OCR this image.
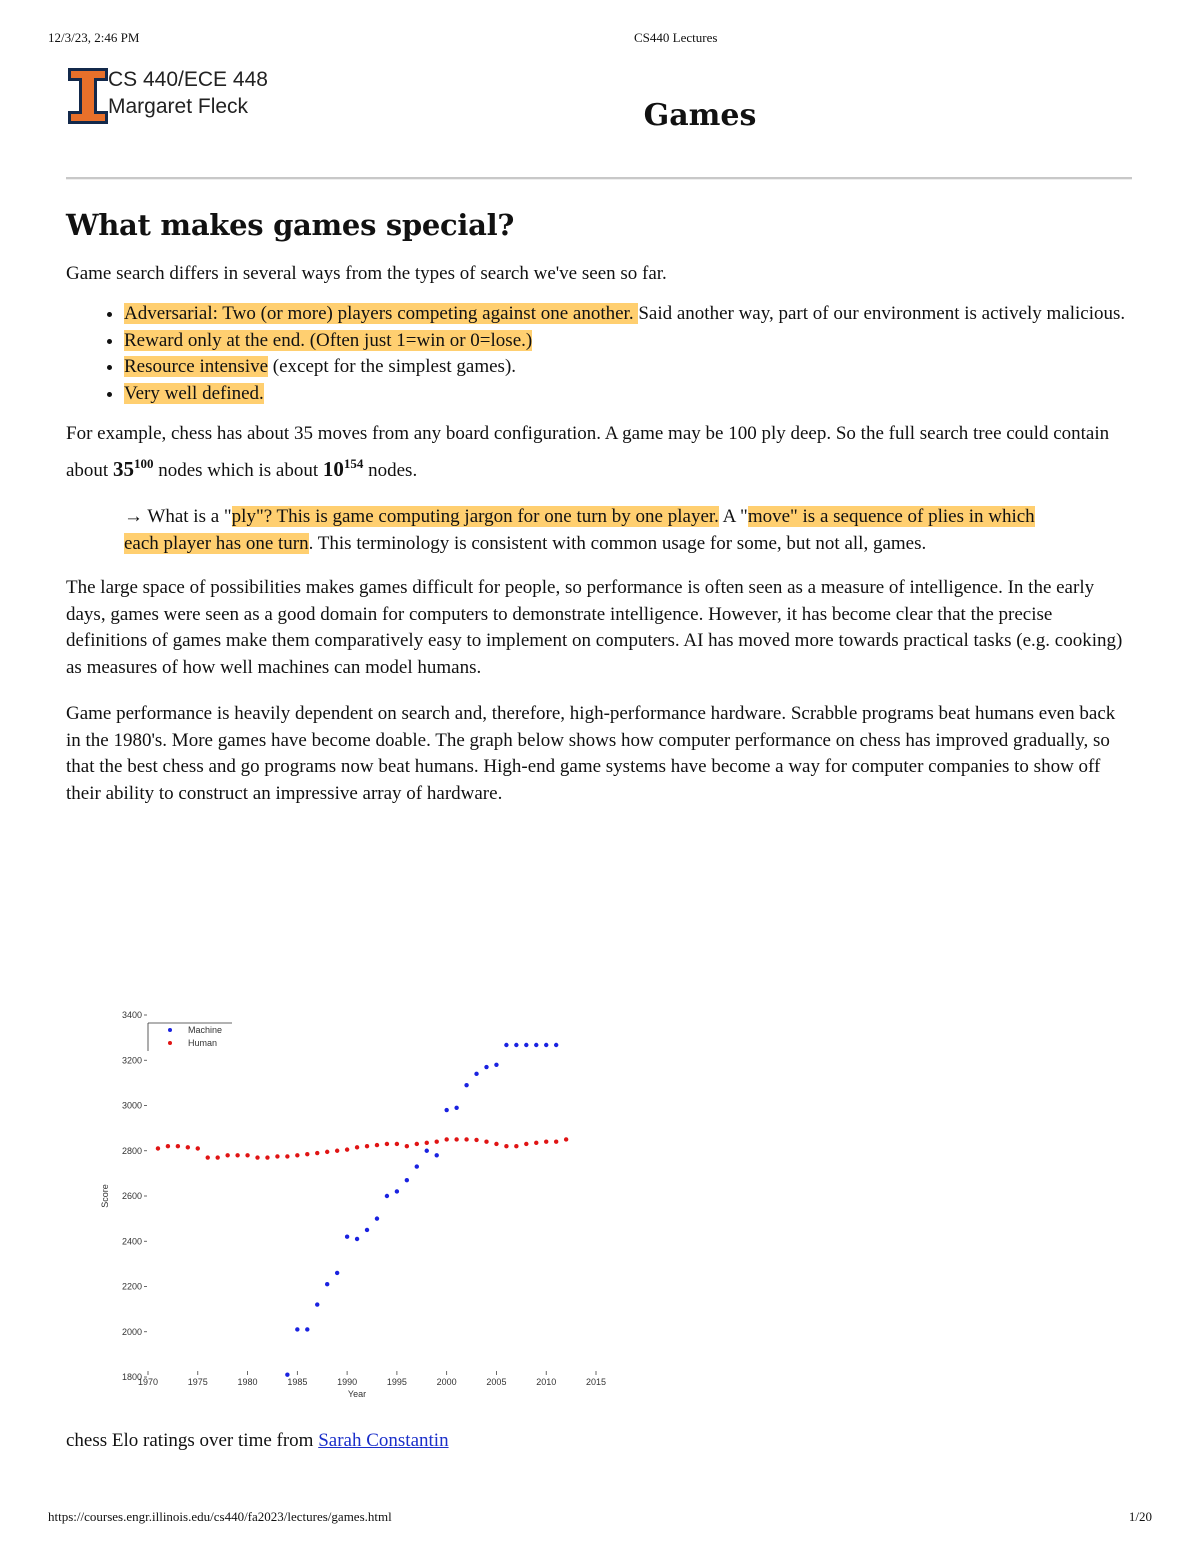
12/3/23, 2:46 PM	CS440 Lectures
CS 440/ECE 448
Margaret Fleck	Games
What makes games special?

Game search differs in several ways from the types of search we've seen so far.

• Adversarial: Two (or more) players competing against one another. Said another way, part of our environment is actively malicious.
• Reward only at the end. (Often just 1=win or 0=lose.)
• Resource intensive (except for the simplest games).
• Very well defined.

For example, chess has about 35 moves from any board configuration. A game may be 100 ply deep. So the full search tree could contain about $35^{100}$ nodes which is about $10^{154}$ nodes.

→ What is a "ply"? This is game computing jargon for one turn by one player. A "move" is a sequence of plies in which each player has one turn. This terminology is consistent with common usage for some, but not all, games.

The large space of possibilities makes games difficult for people, so performance is often seen as a measure of intelligence. In the early days, games were seen as a good domain for computers to demonstrate intelligence. However, it has become clear that the precise definitions of games make them comparatively easy to implement on computers. AI has moved more towards practical tasks (e.g. cooking) as measures of how well machines can model humans.

Game performance is heavily dependent on search and, therefore, high-performance hardware. Scrabble programs beat humans even back in the 1980's. More games have become doable. The graph below shows how computer performance on chess has improved gradually, so that the best chess and go programs now beat humans. High-end game systems have become a way for computer companies to show off their ability to construct an impressive array of hardware.

1800
2000
2200
2400
2600
2800
3000
3200
3400
1970	1975	1980	1985	1990	1995	2000	2005	2010	2015
Year
Score
Machine
Human
chess Elo ratings over time from Sarah Constantin
https://courses.engr.illinois.edu/cs440/fa2023/lectures/games.html	1/20
